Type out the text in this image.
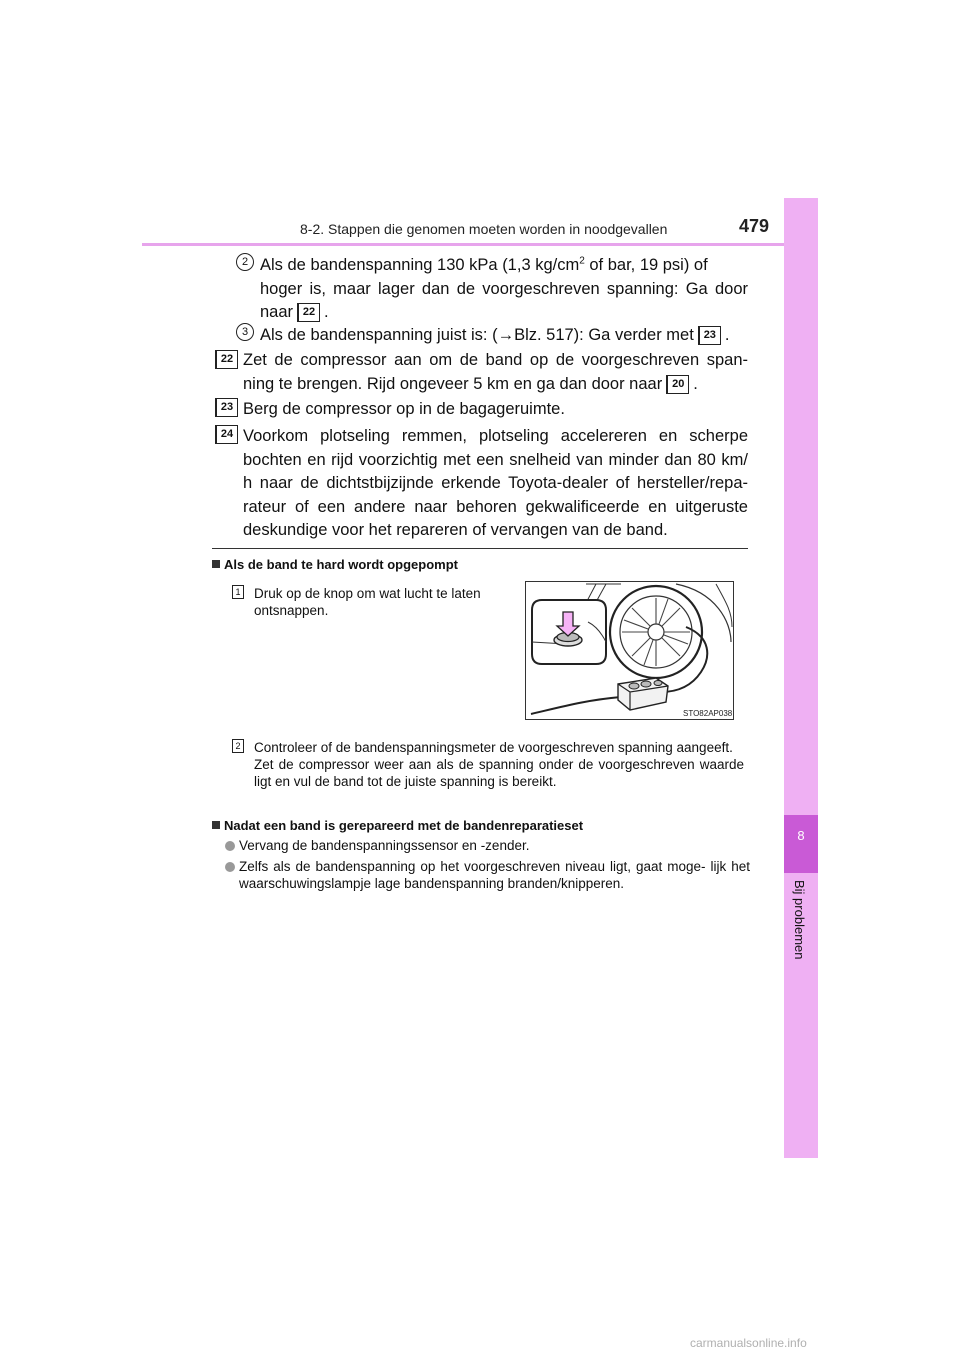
8-2. Stappen die genomen moeten worden in noodgevallen	479
8
Bij problemen
2 Als de bandenspanning 130 kPa (1,3 $kg/cm^2$ of bar, 19 psi) of
hoger is, maar lager dan de voorgeschreven spanning: Ga door
naar 22 .
3 Als de bandenspanning juist is: (→Blz. 517): Ga verder met 23 .
22 Zet de compressor aan om de band op de voorgeschreven span-
ning te brengen. Rijd ongeveer 5 km en ga dan door naar 20 .
23 Berg de compressor op in de bagageruimte.
24 Voorkom plotseling remmen, plotseling accelereren en scherpe bochten en rijd voorzichtig met een snelheid van minder dan 80 km/ h naar de dichtstbijzijnde erkende Toyota-dealer of hersteller/repa- rateur of een andere naar behoren gekwalificeerde en uitgeruste deskundige voor het repareren of vervangen van de band.
Als de band te hard wordt opgepompt
1 Druk op de knop om wat lucht te laten ontsnappen.
STO82AP038
2 Controleer of de bandenspanningsmeter de voorgeschreven spanning aangeeft.
Zet de compressor weer aan als de spanning onder de voorgeschreven waarde ligt en vul de band tot de juiste spanning is bereikt.
Nadat een band is gerepareerd met de bandenreparatieset
Vervang de bandenspanningssensor en -zender.
Zelfs als de bandenspanning op het voorgeschreven niveau ligt, gaat moge- lijk het waarschuwingslampje lage bandenspanning branden/knipperen.
carmanualsonline.info
